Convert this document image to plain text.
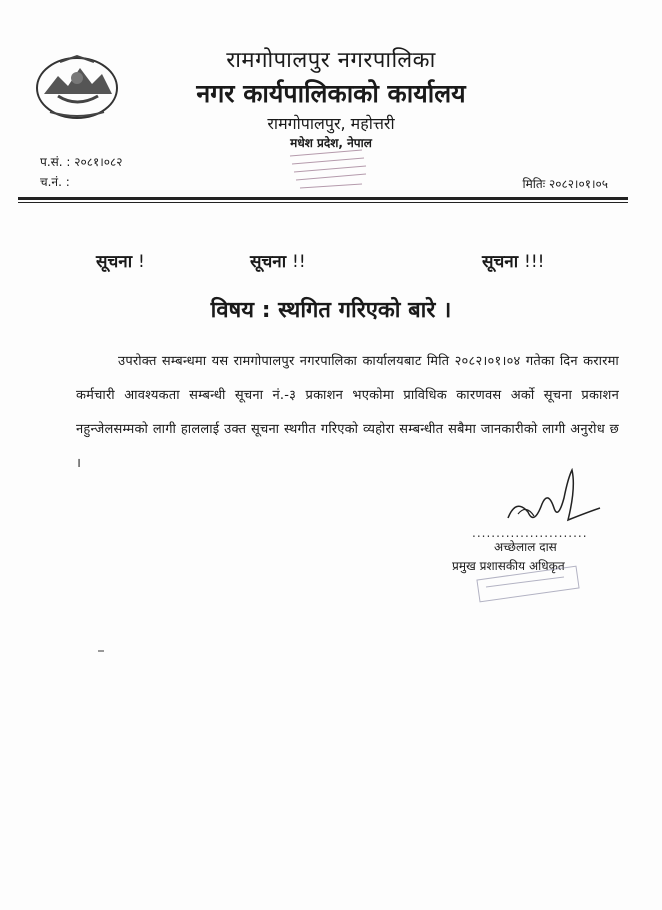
रामगोपालपुर नगरपालिका
नगर कार्यपालिकाको कार्यालय
रामगोपालपुर, महोत्तरी
मधेश प्रदेश, नेपाल
प.सं. : २०८१।०८२
च.नं. :	मितिः २०८२।०१।०५
सूचना !	सूचना !!	सूचना !!!
विषय : स्थगित गरिएको बारे ।
उपरोक्त सम्बन्धमा यस रामगोपालपुर नगरपालिका कार्यालयबाट मिति २०८२।०१।०४ गतेका दिन करारमा कर्मचारी आवश्यकता सम्बन्धी सूचना नं.-३ प्रकाशन भएकोमा प्राविधिक कारणवस अर्को सूचना प्रकाशन नहुन्जेलसम्मको लागी हाललाई उक्त सूचना स्थगीत गरिएको व्यहोरा सम्बन्धीत सबैमा जानकारीको लागी अनुरोध छ ।
........................
अच्छेलाल दास
प्रमुख प्रशासकीय अधिकृत
